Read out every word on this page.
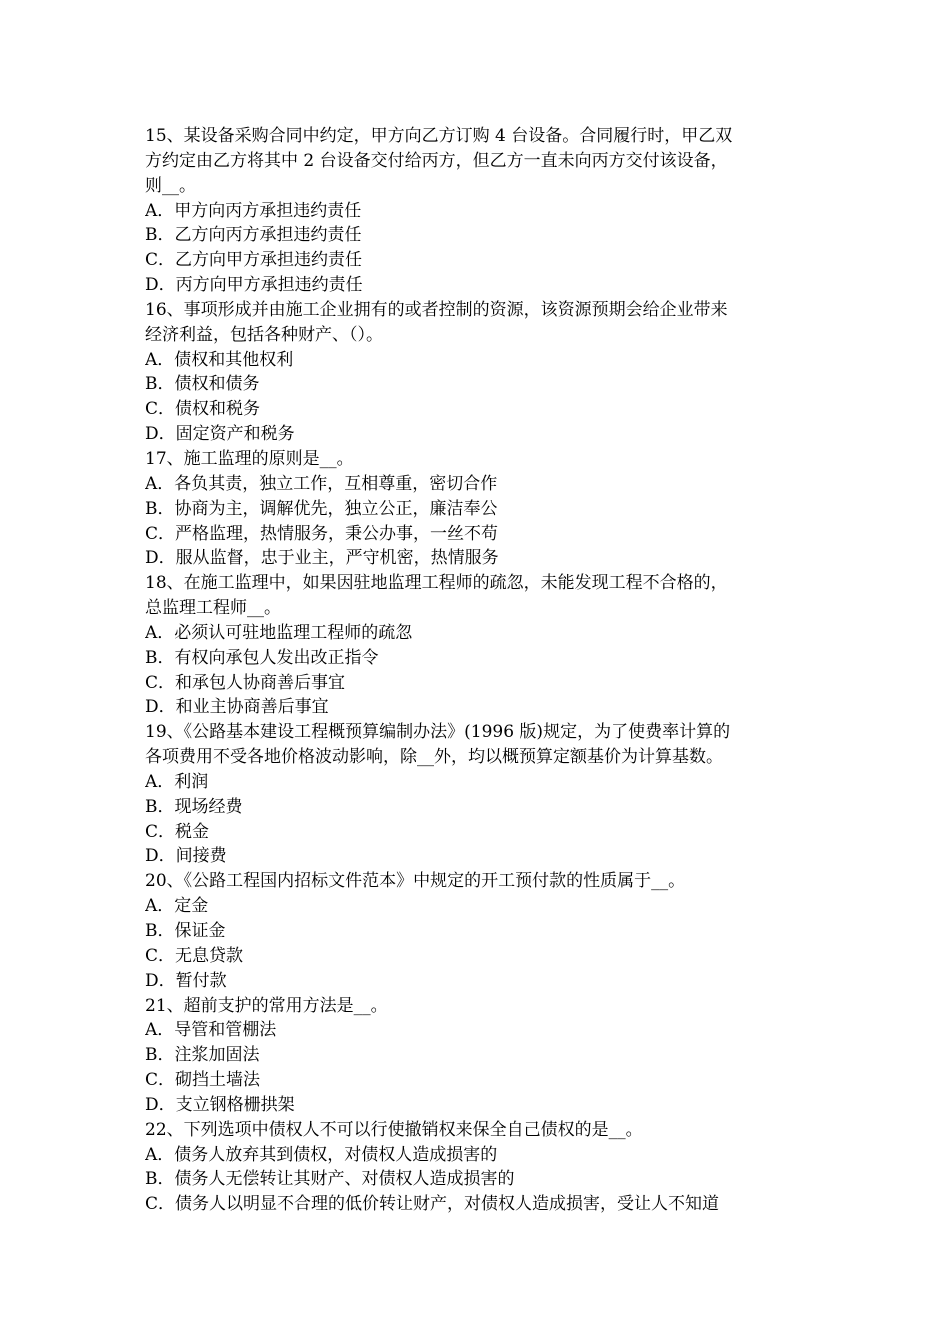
15、某设备采购合同中约定，甲方向乙方订购 4 台设备。合同履行时，甲乙双
方约定由乙方将其中 2 台设备交付给丙方，但乙方一直未向丙方交付该设备，
则__。
A．甲方向丙方承担违约责任
B．乙方向丙方承担违约责任
C．乙方向甲方承担违约责任
D．丙方向甲方承担违约责任
16、事项形成并由施工企业拥有的或者控制的资源，该资源预期会给企业带来
经济利益，包括各种财产、（）。
A．债权和其他权利
B．债权和债务
C．债权和税务
D．固定资产和税务
17、施工监理的原则是__。
A．各负其责，独立工作，互相尊重，密切合作
B．协商为主，调解优先，独立公正，廉洁奉公
C．严格监理，热情服务，秉公办事，一丝不苟
D．服从监督，忠于业主，严守机密，热情服务
18、在施工监理中，如果因驻地监理工程师的疏忽，未能发现工程不合格的，
总监理工程师__。
A．必须认可驻地监理工程师的疏忽
B．有权向承包人发出改正指令
C．和承包人协商善后事宜
D．和业主协商善后事宜
19、《公路基本建设工程概预算编制办法》(1996 版)规定，为了使费率计算的
各项费用不受各地价格波动影响，除__外，均以概预算定额基价为计算基数。
A．利润
B．现场经费
C．税金
D．间接费
20、《公路工程国内招标文件范本》中规定的开工预付款的性质属于__。
A．定金
B．保证金
C．无息贷款
D．暂付款
21、超前支护的常用方法是__。
A．导管和管棚法
B．注浆加固法
C．砌挡土墙法
D．支立钢格栅拱架
22、下列选项中债权人不可以行使撤销权来保全自己债权的是__。
A．债务人放弃其到债权，对债权人造成损害的
B．债务人无偿转让其财产、对债权人造成损害的
C．债务人以明显不合理的低价转让财产，对债权人造成损害，受让人不知道
